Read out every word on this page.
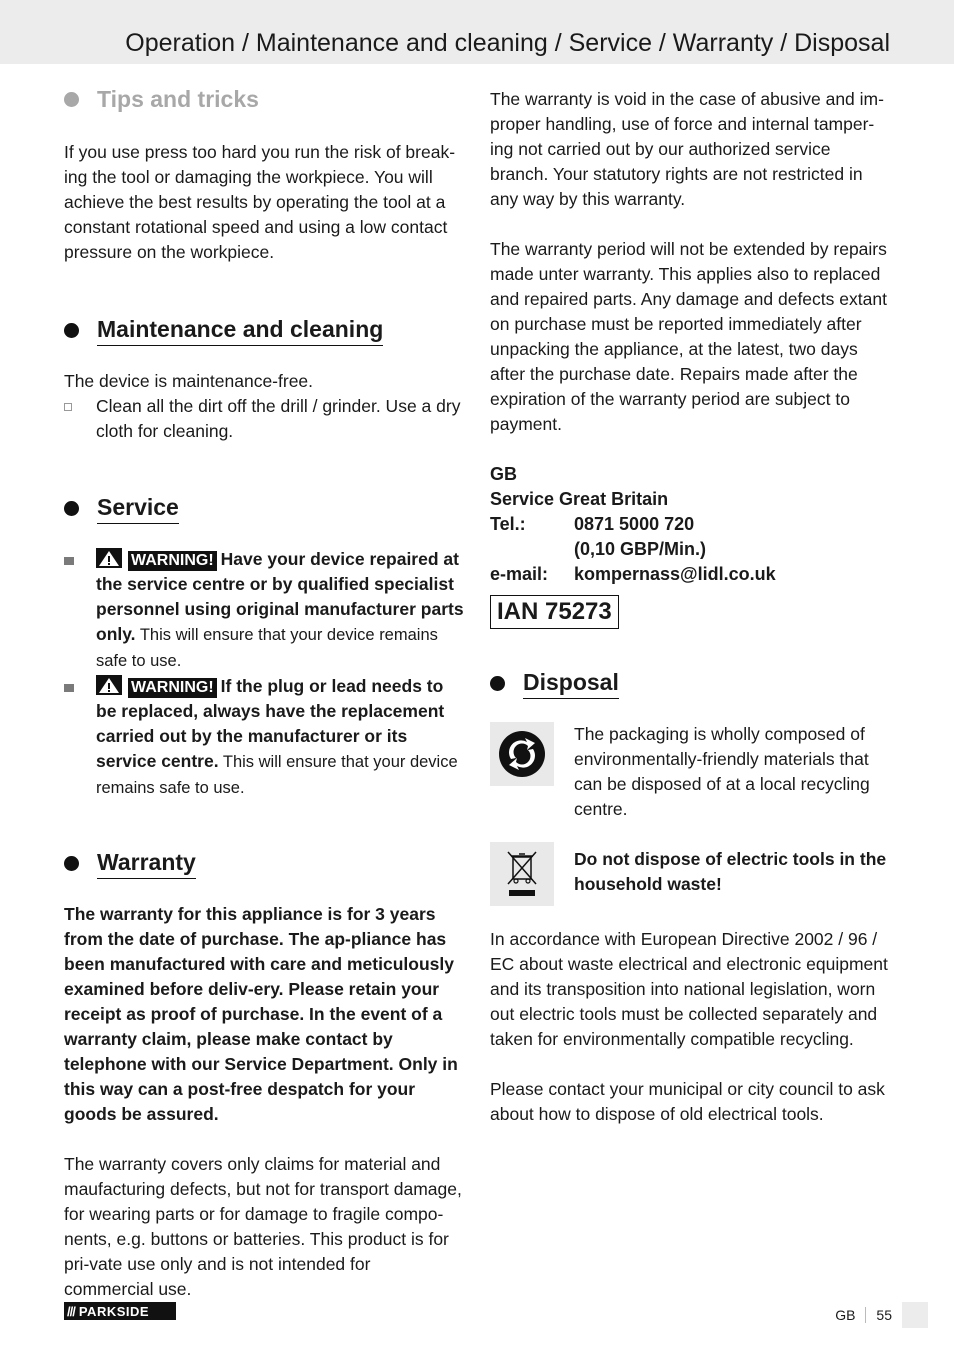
Operation / Maintenance and cleaning / Service / Warranty / Disposal
Tips and tricks

If you use press too hard you run the risk of break-ing the tool or damaging the workpiece. You will achieve the best results by operating the tool at a constant rotational speed and using a low contact pressure on the workpiece.

Maintenance and cleaning

The device is maintenance-free.

Clean all the dirt off the drill / grinder. Use a dry cloth for cleaning.

Service

WARNING! Have your device repaired at the service centre or by qualified specialist personnel using original manufacturer parts only. This will ensure that your device remains safe to use.

WARNING! If the plug or lead needs to be replaced, always have the replacement carried out by the manufacturer or its service centre. This will ensure that your device remains safe to use.

Warranty

The warranty for this appliance is for 3 years from the date of purchase. The ap-pliance has been manufactured with care and meticulously examined before deliv-ery. Please retain your receipt as proof of purchase. In the event of a warranty claim, please make contact by telephone with our Service Department. Only in this way can a post-free despatch for your goods be assured.

The warranty covers only claims for material and maufacturing defects, but not for transport damage, for wearing parts or for damage to fragile compo-nents, e.g. buttons or batteries. This product is for pri-vate use only and is not intended for commercial use.

The warranty is void in the case of abusive and im-proper handling, use of force and internal tamper-ing not carried out by our authorized service branch. Your statutory rights are not restricted in any way by this warranty.

The warranty period will not be extended by repairs made unter warranty. This applies also to replaced and repaired parts. Any damage and defects extant on purchase must be reported immediately after unpacking the appliance, at the latest, two days after the purchase date. Repairs made after the expiration of the warranty period are subject to payment.

GB
Service Great Britain
Tel.:	0871 5000 720
(0,10 GBP/Min.)
e-mail:	kompernass@lidl.co.uk
IAN 75273
Disposal

The packaging is wholly composed of environmentally-friendly materials that can be disposed of at a local recycling centre.

Do not dispose of electric tools in the household waste!

In accordance with European Directive 2002 / 96 / EC about waste electrical and electronic equipment and its transposition into national legislation, worn out electric tools must be collected separately and taken for environmentally compatible recycling.

Please contact your municipal or city council to ask about how to dispose of old electrical tools.

/// PARKSIDE	GB	55
